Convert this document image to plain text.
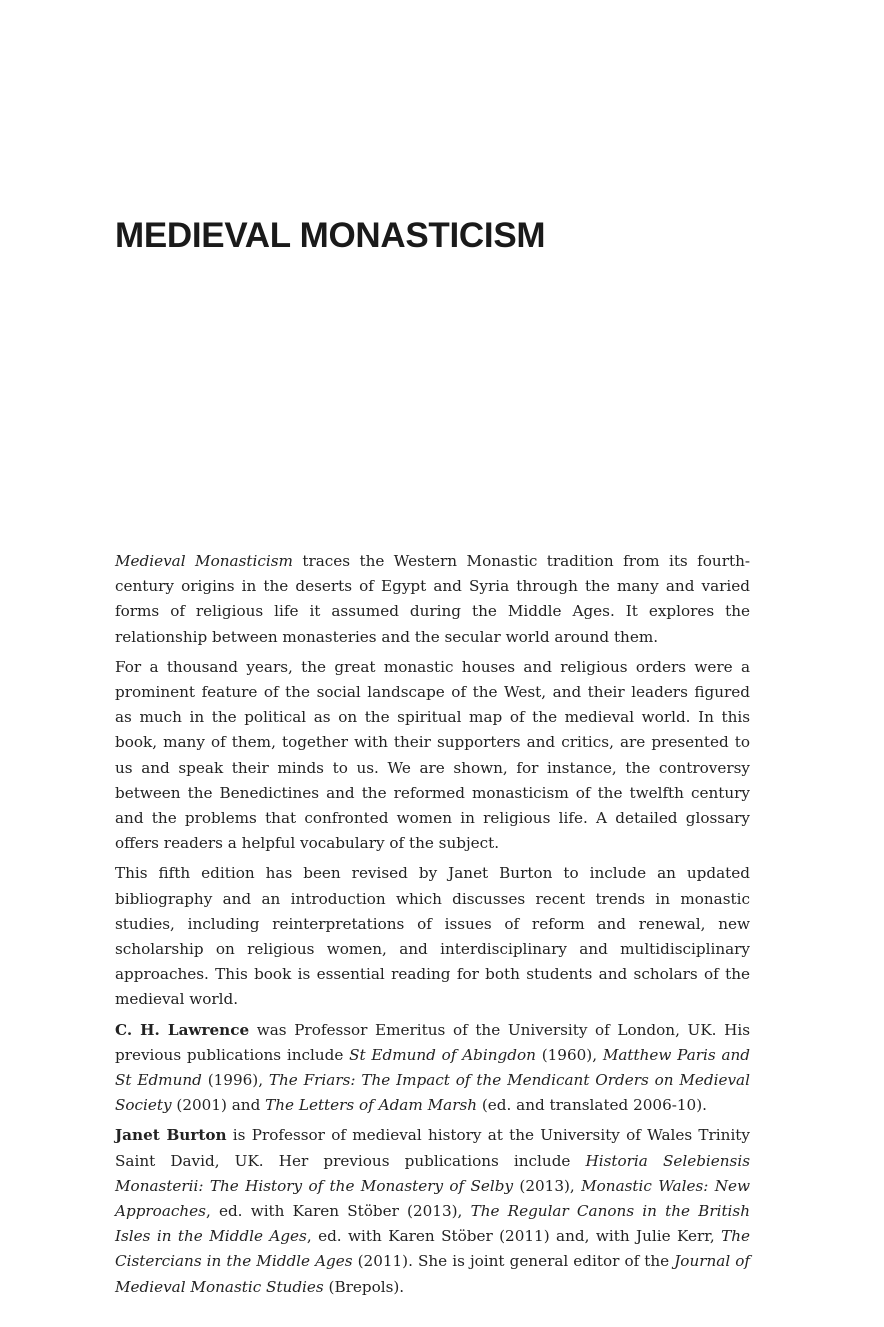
MEDIEVAL MONASTICISM

Medieval Monasticism traces the Western Monastic tradition from its fourth-century origins in the deserts of Egypt and Syria through the many and varied forms of religious life it assumed during the Middle Ages. It explores the relationship between monasteries and the secular world around them.

For a thousand years, the great monastic houses and religious orders were a prominent feature of the social landscape of the West, and their leaders figured as much in the political as on the spiritual map of the medieval world. In this book, many of them, together with their supporters and critics, are presented to us and speak their minds to us. We are shown, for instance, the controversy between the Benedictines and the reformed monasticism of the twelfth century and the problems that confronted women in religious life. A detailed glossary offers readers a helpful vocabulary of the subject.

This fifth edition has been revised by Janet Burton to include an updated bibliography and an introduction which discusses recent trends in monastic studies, including reinterpretations of issues of reform and renewal, new scholarship on religious women, and interdisciplinary and multidisciplinary approaches. This book is essential reading for both students and scholars of the medieval world.

C. H. Lawrence was Professor Emeritus of the University of London, UK. His previous publications include St Edmund of Abingdon (1960), Matthew Paris and St Edmund (1996), The Friars: The Impact of the Mendicant Orders on Medieval Society (2001) and The Letters of Adam Marsh (ed. and translated 2006-10).

Janet Burton is Professor of medieval history at the University of Wales Trinity Saint David, UK. Her previous publications include Historia Selebiensis Monasterii: The History of the Monastery of Selby (2013), Monastic Wales: New Approaches, ed. with Karen Stöber (2013), The Regular Canons in the British Isles in the Middle Ages, ed. with Karen Stöber (2011) and, with Julie Kerr, The Cistercians in the Middle Ages (2011). She is joint general editor of the Journal of Medieval Monastic Studies (Brepols).
